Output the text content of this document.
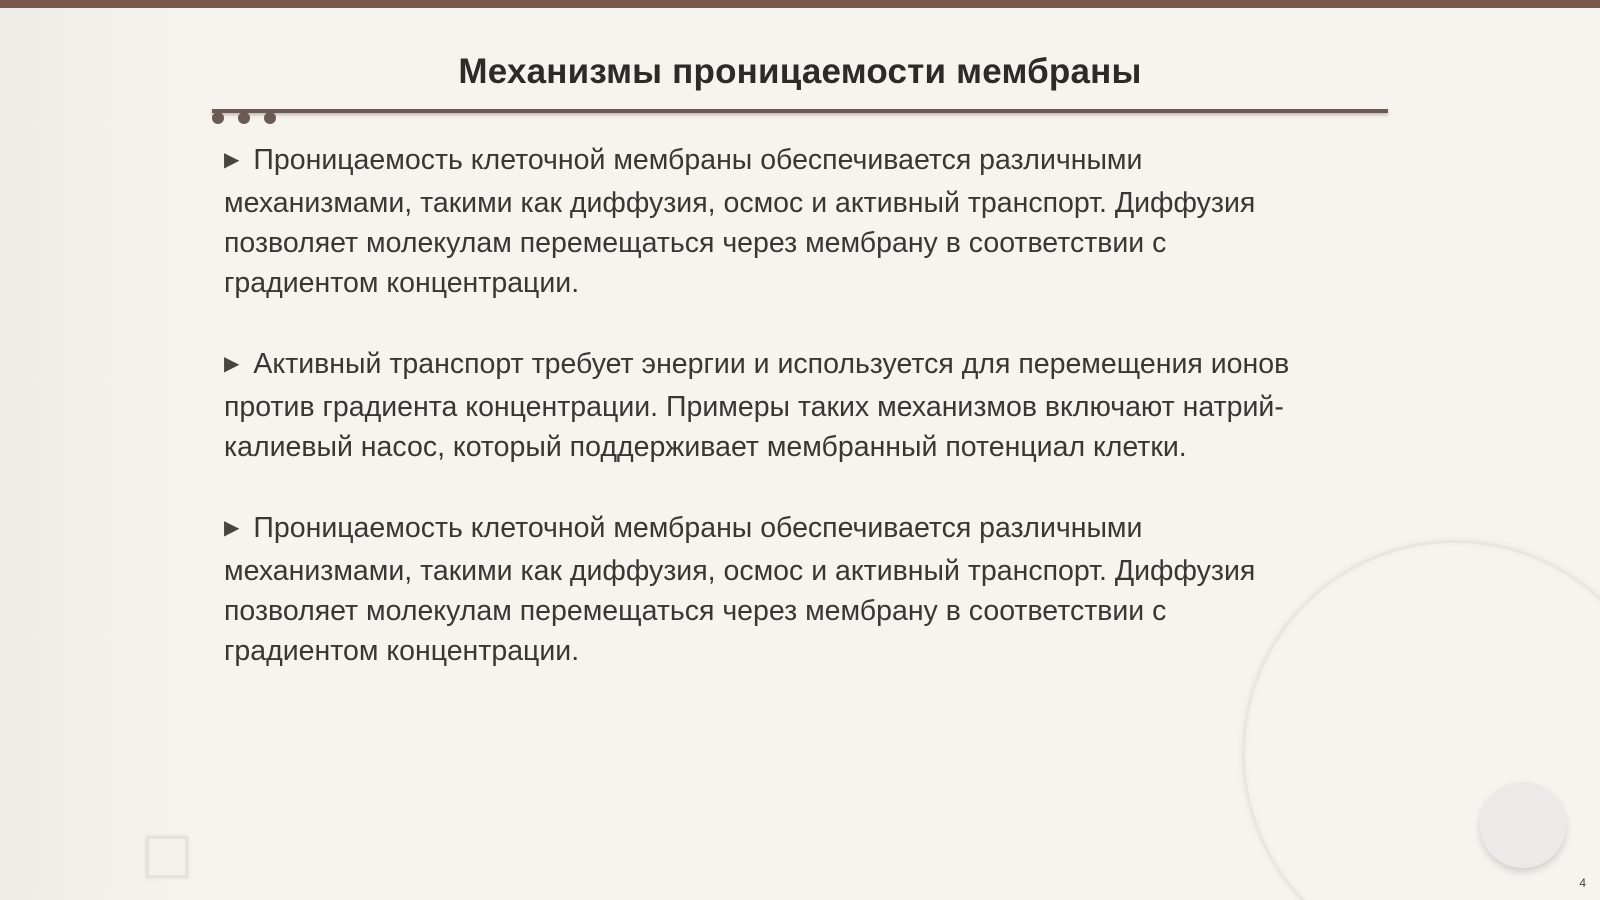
Механизмы проницаемости мембраны

▶ Проницаемость клеточной мембраны обеспечивается различными
механизмами, такими как диффузия, осмос и активный транспорт. Диффузия
позволяет молекулам перемещаться через мембрану в соответствии с
градиентом концентрации.

▶ Активный транспорт требует энергии и используется для перемещения ионов
против градиента концентрации. Примеры таких механизмов включают натрий-
калиевый насос, который поддерживает мембранный потенциал клетки.

▶ Проницаемость клеточной мембраны обеспечивается различными
механизмами, такими как диффузия, осмос и активный транспорт. Диффузия
позволяет молекулам перемещаться через мембрану в соответствии с
градиентом концентрации.

4
